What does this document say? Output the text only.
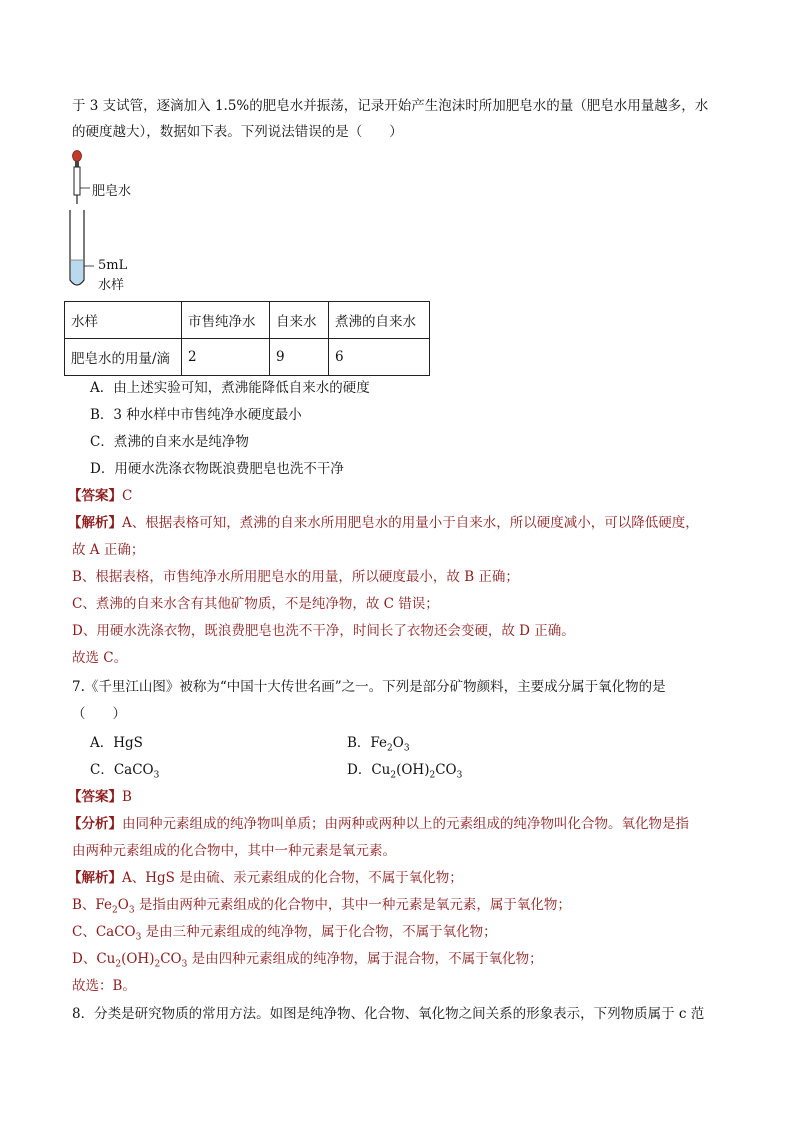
于 3 支试管，逐滴加入 1.5%的肥皂水并振荡，记录开始产生泡沫时所加肥皂水的量（肥皂水用量越多，水
的硬度越大），数据如下表。下列说法错误的是（　　）
肥皂水
5mL
水样
水样	市售纯净水	自来水	煮沸的自来水
肥皂水的用量/滴	2	9	6
A．由上述实验可知，煮沸能降低自来水的硬度
B．3 种水样中市售纯净水硬度最小
C．煮沸的自来水是纯净物
D．用硬水洗涤衣物既浪费肥皂也洗不干净
【答案】C
【解析】A、根据表格可知，煮沸的自来水所用肥皂水的用量小于自来水，所以硬度减小，可以降低硬度，
故 A 正确；
B、根据表格，市售纯净水所用肥皂水的用量，所以硬度最小，故 B 正确；
C、煮沸的自来水含有其他矿物质，不是纯净物，故 C 错误；
D、用硬水洗涤衣物，既浪费肥皂也洗不干净，时间长了衣物还会变硬，故 D 正确。
故选 C。
7.《千里江山图》被称为“中国十大传世名画”之一。下列是部分矿物颜料，主要成分属于氧化物的是
（　　）
A．HgS	B．$Fe_2O_3$
C．CaCO$_3$	D．$Cu_2(OH)_2CO_3$
【答案】B
【分析】由同种元素组成的纯净物叫单质；由两种或两种以上的元素组成的纯净物叫化合物。氧化物是指
由两种元素组成的化合物中，其中一种元素是氧元素。
【解析】A、HgS 是由硫、汞元素组成的化合物，不属于氧化物；
B、$Fe_2O_3$ 是指由两种元素组成的化合物中，其中一种元素是氧元素，属于氧化物；
C、CaCO$_3$ 是由三种元素组成的纯净物，属于化合物，不属于氧化物；
D、$Cu_2(OH)_2CO_3$ 是由四种元素组成的纯净物，属于混合物，不属于氧化物；
故选：B。
8．分类是研究物质的常用方法。如图是纯净物、化合物、氧化物之间关系的形象表示，下列物质属于 c 范
